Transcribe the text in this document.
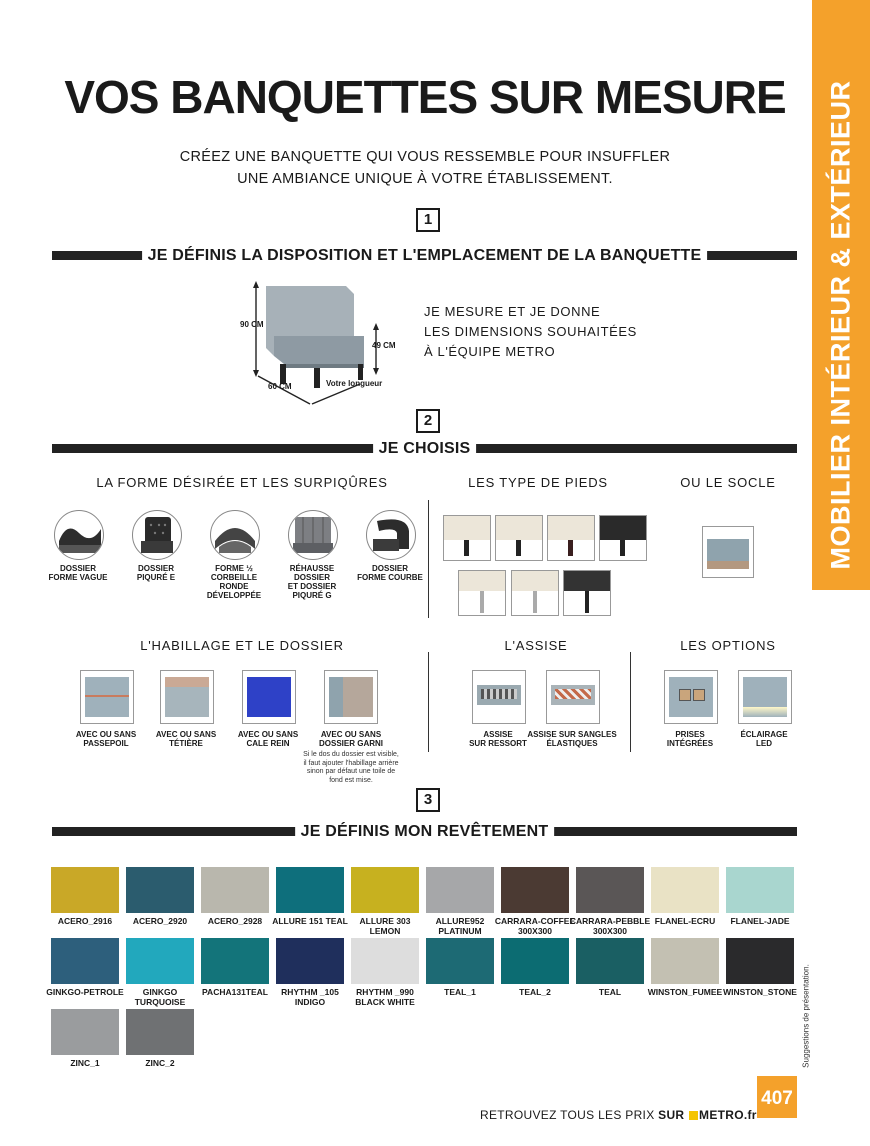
MOBILIER INTÉRIEUR & EXTÉRIEUR
VOS BANQUETTES SUR MESURE
CRÉEZ UNE BANQUETTE QUI VOUS RESSEMBLE POUR INSUFFLER
UNE AMBIANCE UNIQUE À VOTRE ÉTABLISSEMENT.
1
JE DÉFINIS LA DISPOSITION ET L'EMPLACEMENT DE LA BANQUETTE
90 CM
49 CM
60 CM	Votre longueur
JE MESURE ET JE DONNE
LES DIMENSIONS SOUHAITÉES
À L'ÉQUIPE METRO
2
JE CHOISIS
LA FORME DÉSIRÉE ET LES SURPIQÛRES	LES TYPE DE PIEDS	OU LE SOCLE
DOSSIER
FORME VAGUE
DOSSIER
PIQURÉ E
FORME ½ CORBEILLE
RONDE DÉVELOPPÉE
RÉHAUSSE DOSSIER
ET DOSSIER
PIQURÉ G
DOSSIER
FORME COURBE
L'HABILLAGE ET LE DOSSIER	L'ASSISE	LES OPTIONS
AVEC OU SANS
PASSEPOIL
AVEC OU SANS
TÉTIÈRE
AVEC OU SANS
CALE REIN
AVEC OU SANS
DOSSIER GARNI
Si le dos du dossier est visible,
il faut ajouter l'habillage arrière
sinon par défaut une toile de
fond est mise.
ASSISE
SUR RESSORT
ASSISE SUR SANGLES
ÉLASTIQUES
PRISES
INTÉGRÉES
ÉCLAIRAGE
LED
3
JE DÉFINIS MON REVÊTEMENT
ACERO_2916	ACERO_2920	ACERO_2928	ALLURE 151 TEAL	ALLURE 303
LEMON
ALLURE952
PLATINUM
CARRARA-COFFEE
300X300
CARRARA-PEBBLE
300X300
FLANEL-ECRU	FLANEL-JADE
GINKGO-PETROLE	GINKGO
TURQUOISE
PACHA131TEAL	RHYTHM _105
INDIGO
RHYTHM _990
BLACK WHITE
TEAL_1	TEAL_2	TEAL	WINSTON_FUMEE WINSTON_STONE
ZINC_1	ZINC_2	Suggestions de présentation.
RETROUVEZ TOUS LES PRIX SUR METRO.fr
407
